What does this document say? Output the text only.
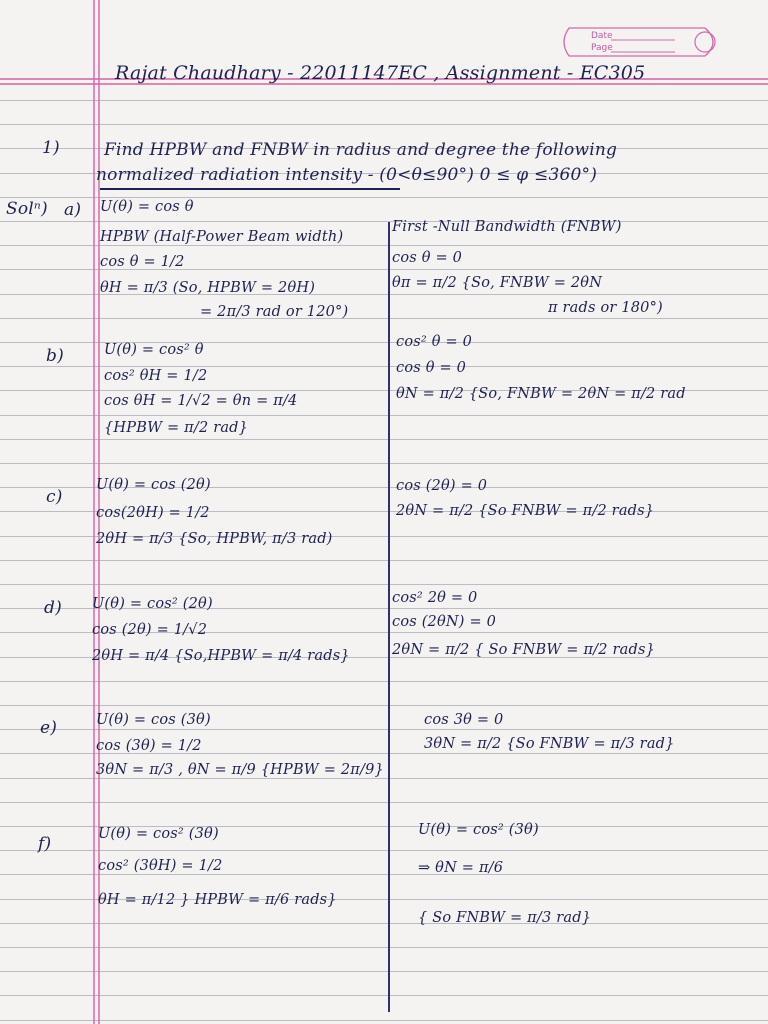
Date
Page
Rajat Chaudhary - 22011147EC , Assignment - EC305
1)	Find HPBW and FNBW in radius and degree the following
normalized radiation intensity - (0<θ≤90°) 0 ≤ φ ≤360°)
Solⁿ) a) U(θ) = cos θ
HPBW (Half-Power Beam width)
cos θ = 1/2
θH = π/3 (So, HPBW = 2θH)
= 2π/3 rad or 120°)
First -Null Bandwidth (FNBW)
cos θ = 0
θπ = π/2 {So, FNBW = 2θN
π rads or 180°)
b)	U(θ) = cos² θ
cos² θH = 1/2
cos θH = 1/√2 = θn = π/4
{HPBW = π/2 rad}
cos² θ = 0
cos θ = 0
θN = π/2 {So, FNBW = 2θN = π/2 rad
c)
U(θ) = cos (2θ)
cos(2θH) = 1/2
2θH = π/3 {So, HPBW, π/3 rad)
cos (2θ) = 0
2θN = π/2 {So FNBW = π/2 rads}
d) U(θ) = cos² (2θ)
cos (2θ) = 1/√2
2θH = π/4 {So,HPBW = π/4 rads}
cos² 2θ = 0
cos (2θN) = 0
2θN = π/2 { So FNBW = π/2 rads}
e)	U(θ) = cos (3θ)
cos (3θ) = 1/2
3θN = π/3 , θN = π/9 {HPBW = 2π/9}
cos 3θ = 0
3θN = π/2 {So FNBW = π/3 rad}
f)	U(θ) = cos² (3θ)
cos² (3θH) = 1/2
θH = π/12 } HPBW = π/6 rads}
U(θ) = cos² (3θ)
⇒ θN = π/6
{ So FNBW = π/3 rad}
